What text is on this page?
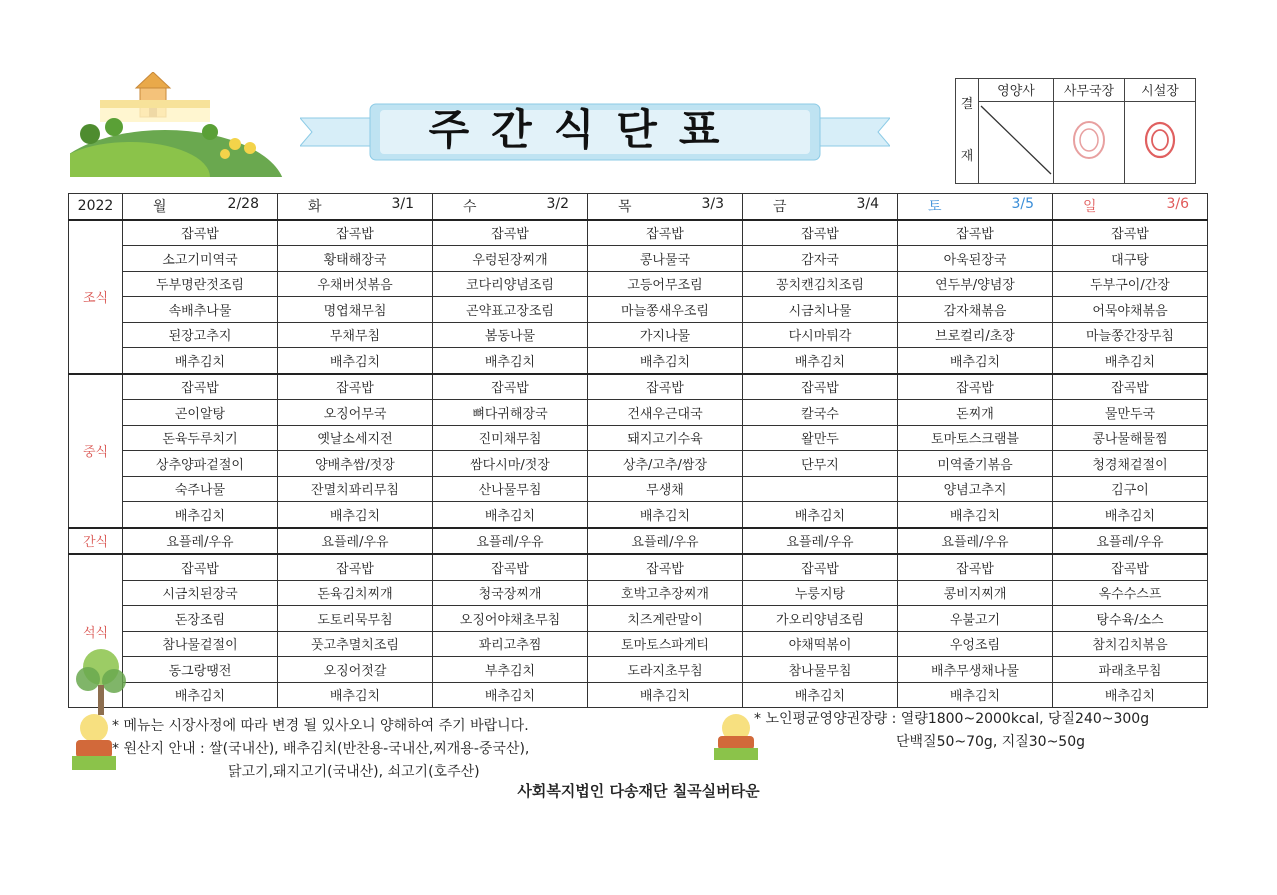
주간식단표
결
재	영양사	사무국장	시설장

2022	월 2/28	화 3/1	수 3/2	목 3/3	금 3/4	토 3/5	일 3/6

조식	잡곡밥	잡곡밥	잡곡밥	잡곡밥	잡곡밥	잡곡밥	잡곡밥
	소고기미역국	황태해장국	우렁된장찌개	콩나물국	감자국	아욱된장국	대구탕
	두부명란젓조림	우채버섯볶음	코다리양념조림	고등어무조림	꽁치캔김치조림	연두부/양념장	두부구이/간장
	속배추나물	명엽채무침	곤약표고장조림	마늘쫑새우조림	시금치나물	감자채볶음	어묵야채볶음
	된장고추지	무채무침	봄동나물	가지나물	다시마튀각	브로컬리/초장	마늘쫑간장무침
	배추김치	배추김치	배추김치	배추김치	배추김치	배추김치	배추김치
중식	잡곡밥	잡곡밥	잡곡밥	잡곡밥	잡곡밥	잡곡밥	잡곡밥
	곤이알탕	오징어무국	뼈다귀해장국	건새우근대국	칼국수	돈찌개	물만두국
	돈육두루치기	옛날소세지전	진미채무침	돼지고기수육	왈만두	토마토스크램블	콩나물해물찜
	상추양파겉절이	양배추쌈/젓장	쌈다시마/젓장	상추/고추/쌈장	단무지	미역줄기볶음	청경채겉절이
	숙주나물	잔멸치꽈리무침	산나물무침	무생채		양념고추지	김구이
	배추김치	배추김치	배추김치	배추김치	배추김치	배추김치	배추김치
간식	요플레/우유	요플레/우유	요플레/우유	요플레/우유	요플레/우유	요플레/우유	요플레/우유
석식	잡곡밥	잡곡밥	잡곡밥	잡곡밥	잡곡밥	잡곡밥	잡곡밥
	시금치된장국	돈육김치찌개	청국장찌개	호박고추장찌개	누룽지탕	콩비지찌개	옥수수스프
	돈장조림	도토리묵무침	오징어야채초무침	치즈계란말이	가오리양념조림	우불고기	탕수육/소스
	참나물겉절이	풋고추멸치조림	꽈리고추찜	토마토스파게티	야채떡볶이	우엉조림	참치김치볶음
	동그랑땡전	오징어젓갈	부추김치	도라지초무침	참나물무침	배추무생채나물	파래초무침
	배추김치	배추김치	배추김치	배추김치	배추김치	배추김치	배추김치
* 메뉴는 시장사정에 따라 변경 될 있사오니 양해하여 주기 바랍니다.
* 원산지 안내 : 쌀(국내산), 배추김치(반찬용-국내산,찌개용-중국산),
닭고기,돼지고기(국내산), 쇠고기(호주산)
* 노인평균영양권장량 : 열량1800~2000kcal, 당질240~300g
단백질50~70g, 지질30~50g
사회복지법인 다송재단 칠곡실버타운
